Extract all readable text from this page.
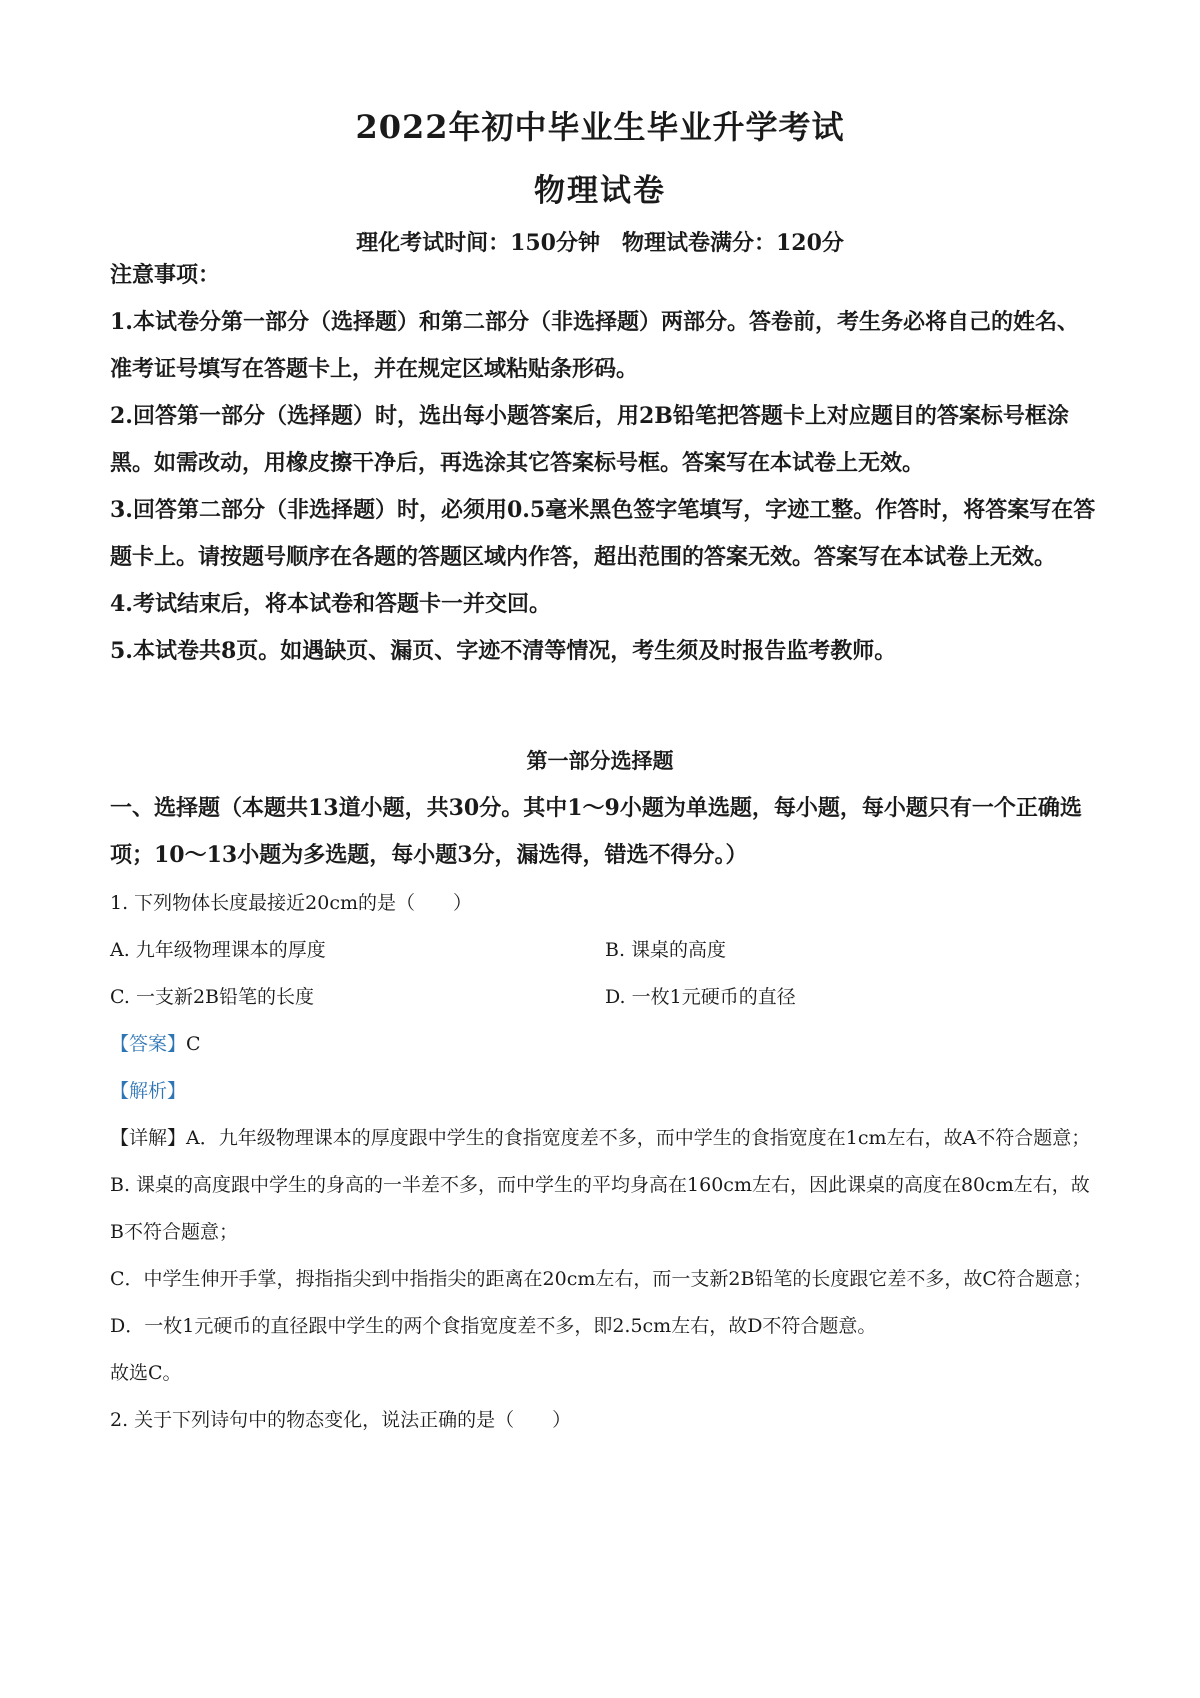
2022年初中毕业生毕业升学考试
物理试卷
理化考试时间：150分钟　物理试卷满分：120分

注意事项：

1.本试卷分第一部分（选择题）和第二部分（非选择题）两部分。答卷前，考生务必将自己的姓名、准考证号填写在答题卡上，并在规定区域粘贴条形码。

2.回答第一部分（选择题）时，选出每小题答案后，用2B铅笔把答题卡上对应题目的答案标号框涂黑。如需改动，用橡皮擦干净后，再选涂其它答案标号框。答案写在本试卷上无效。

3.回答第二部分（非选择题）时，必须用0.5毫米黑色签字笔填写，字迹工整。作答时，将答案写在答题卡上。请按题号顺序在各题的答题区域内作答，超出范围的答案无效。答案写在本试卷上无效。

4.考试结束后，将本试卷和答题卡一并交回。

5.本试卷共8页。如遇缺页、漏页、字迹不清等情况，考生须及时报告监考教师。

第一部分选择题
一、选择题（本题共13道小题，共30分。其中1～9小题为单选题，每小题，每小题只有一个正确选项；10～13小题为多选题，每小题3分，漏选得，错选不得分。）

1. 下列物体长度最接近20cm的是（　　）

A. 九年级物理课本的厚度	B. 课桌的高度
C. 一支新2B铅笔的长度	D. 一枚1元硬币的直径

【答案】C

【解析】

【详解】A．九年级物理课本的厚度跟中学生的食指宽度差不多，而中学生的食指宽度在1cm左右，故A不符合题意；

B. 课桌的高度跟中学生的身高的一半差不多，而中学生的平均身高在160cm左右，因此课桌的高度在80cm左右，故B不符合题意；

C．中学生伸开手掌，拇指指尖到中指指尖的距离在20cm左右，而一支新2B铅笔的长度跟它差不多，故C符合题意；

D．一枚1元硬币的直径跟中学生的两个食指宽度差不多，即2.5cm左右，故D不符合题意。

故选C。

2. 关于下列诗句中的物态变化，说法正确的是（　　）
